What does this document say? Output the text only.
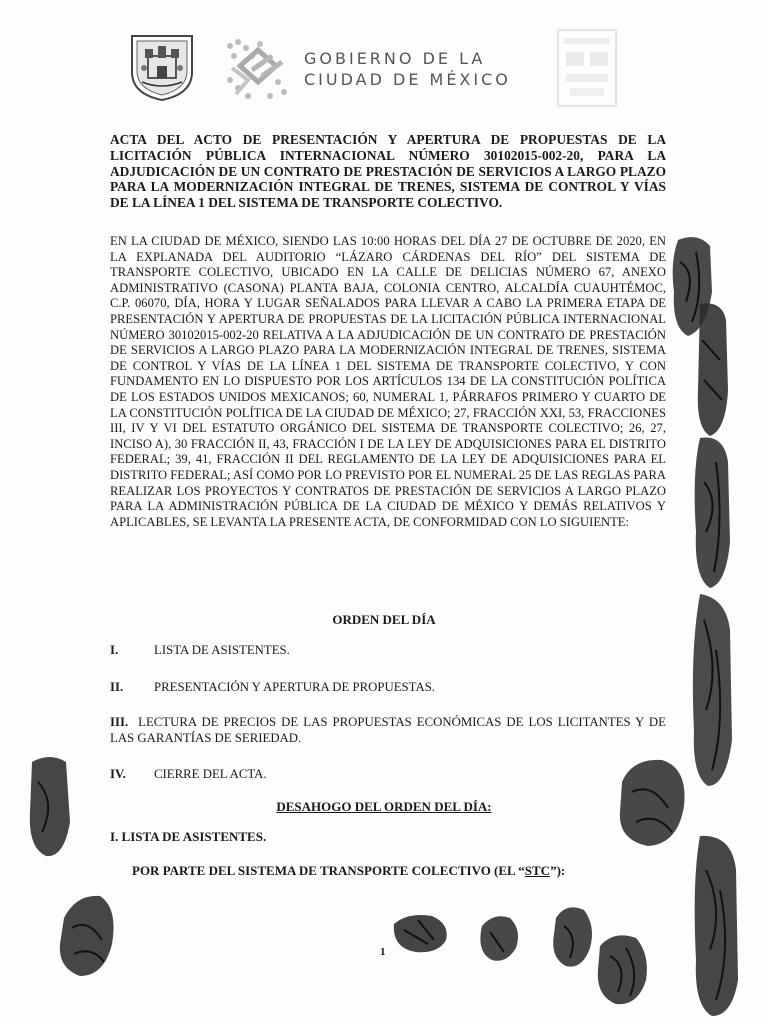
GOBIERNO DE LA
CIUDAD DE MÉXICO

ACTA DEL ACTO DE PRESENTACIÓN Y APERTURA DE PROPUESTAS DE LA LICITACIÓN PÚBLICA INTERNACIONAL NÚMERO 30102015-002-20, PARA LA ADJUDICACIÓN DE UN CONTRATO DE PRESTACIÓN DE SERVICIOS A LARGO PLAZO PARA LA MODERNIZACIÓN INTEGRAL DE TRENES, SISTEMA DE CONTROL Y VÍAS DE LA LÍNEA 1 DEL SISTEMA DE TRANSPORTE COLECTIVO.

EN LA CIUDAD DE MÉXICO, SIENDO LAS 10:00 HORAS DEL DÍA 27 DE OCTUBRE DE 2020, EN LA EXPLANADA DEL AUDITORIO “LÁZARO CÁRDENAS DEL RÍO” DEL SISTEMA DE TRANSPORTE COLECTIVO, UBICADO EN LA CALLE DE DELICIAS NÚMERO 67, ANEXO ADMINISTRATIVO (CASONA) PLANTA BAJA, COLONIA CENTRO, ALCALDÍA CUAUHTÉMOC, C.P. 06070, DÍA, HORA Y LUGAR SEÑALADOS PARA LLEVAR A CABO LA PRIMERA ETAPA DE PRESENTACIÓN Y APERTURA DE PROPUESTAS DE LA LICITACIÓN PÚBLICA INTERNACIONAL NÚMERO 30102015-002-20 RELATIVA A LA ADJUDICACIÓN DE UN CONTRATO DE PRESTACIÓN DE SERVICIOS A LARGO PLAZO PARA LA MODERNIZACIÓN INTEGRAL DE TRENES, SISTEMA DE CONTROL Y VÍAS DE LA LÍNEA 1 DEL SISTEMA DE TRANSPORTE COLECTIVO, Y CON FUNDAMENTO EN LO DISPUESTO POR LOS ARTÍCULOS 134 DE LA CONSTITUCIÓN POLÍTICA DE LOS ESTADOS UNIDOS MEXICANOS; 60, NUMERAL 1, PÁRRAFOS PRIMERO Y CUARTO DE LA CONSTITUCIÓN POLÍTICA DE LA CIUDAD DE MÉXICO; 27, FRACCIÓN XXI, 53, FRACCIONES III, IV Y VI DEL ESTATUTO ORGÁNICO DEL SISTEMA DE TRANSPORTE COLECTIVO; 26, 27, INCISO A), 30 FRACCIÓN II, 43, FRACCIÓN I DE LA LEY DE ADQUISICIONES PARA EL DISTRITO FEDERAL; 39, 41, FRACCIÓN II DEL REGLAMENTO DE LA LEY DE ADQUISICIONES PARA EL DISTRITO FEDERAL; ASÍ COMO POR LO PREVISTO POR EL NUMERAL 25 DE LAS REGLAS PARA REALIZAR LOS PROYECTOS Y CONTRATOS DE PRESTACIÓN DE SERVICIOS A LARGO PLAZO PARA LA ADMINISTRACIÓN PÚBLICA DE LA CIUDAD DE MÉXICO Y DEMÁS RELATIVOS Y APLICABLES, SE LEVANTA LA PRESENTE ACTA, DE CONFORMIDAD CON LO SIGUIENTE:

ORDEN DEL DÍA

I.	LISTA DE ASISTENTES.

II. PRESENTACIÓN Y APERTURA DE PROPUESTAS.

III. LECTURA DE PRECIOS DE LAS PROPUESTAS ECONÓMICAS DE LOS LICITANTES Y DE LAS GARANTÍAS DE SERIEDAD.

IV. CIERRE DEL ACTA.

DESAHOGO DEL ORDEN DEL DÍA:

I. LISTA DE ASISTENTES.

POR PARTE DEL SISTEMA DE TRANSPORTE COLECTIVO (EL “STC”):

1
